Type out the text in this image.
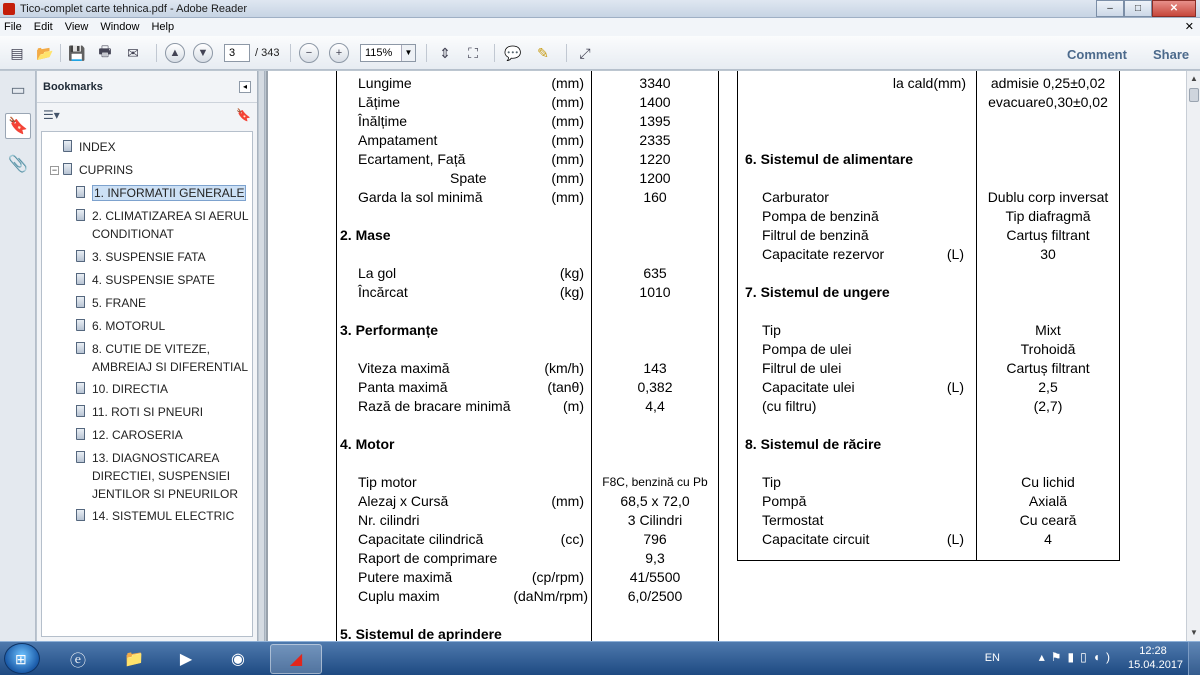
Tico-complet carte tehnica.pdf - Adobe Reader	–	□	✕
File Edit View Window Help	✕
▤ 📂 💾 🖶	✉	▲	▼	3	/ 343	−	+	115%	▼	⇕	⛶	💬	✎	⤢	Comment Share
▭
🔖
📎
Bookmarks	◂
☰▾	🔖
INDEX
− CUPRINS
1. INFORMATII GENERALE
2. CLIMATIZAREA SI AERUL
CONDITIONAT
3. SUSPENSIE FATA
4. SUSPENSIE SPATE
5. FRANE
6. MOTORUL
8. CUTIE DE VITEZE,
AMBREIAJ SI DIFERENTIAL
10. DIRECTIA
11. ROTI SI PNEURI
12. CAROSERIA
13. DIAGNOSTICAREA
DIRECTIEI, SUSPENSIEI
JENTILOR SI PNEURILOR
14. SISTEMUL ELECTRIC
Lungime	(mm)	3340
Lățime	(mm)	1400
Înălțime	(mm)	1395
Ampatament	(mm)	2335
Ecartament, Față	(mm)	1220
Spate	(mm)	1200
Garda la sol minimă	(mm)	160
2. Mase
La gol	(kg)	635
Încărcat	(kg)	1010
3. Performanțe
Viteza maximă	(km/h)	143
Panta maximă	(tanθ)	0,382
Rază de bracare minimă	(m)	4,4
4. Motor
Tip motor	F8C, benzină cu Pb
Alezaj x Cursă	(mm)	68,5 x 72,0
Nr. cilindri	3 Cilindri
Capacitate cilindrică	(cc)	796
Raport de comprimare	9,3
Putere maximă	(cp/rpm)	41/5500
Cuplu maxim	(daNm/rpm)	6,0/2500
5. Sistemul de aprindere
la cald(mm)	admisie 0,25±0,02
evacuare0,30±0,02
6. Sistemul de alimentare
Carburator	Dublu corp inversat
Pompa de benzină	Tip diafragmă
Filtrul de benzină	Cartuș filtrant
Capacitate rezervor	(L)	30
7. Sistemul de ungere
Tip	Mixt
Pompa de ulei	Trohoidă
Filtrul de ulei	Cartuș filtrant
Capacitate ulei	(L)	2,5
(cu filtru)	(2,7)
8. Sistemul de răcire
Tip	Cu lichid
Pompă	Axială
Termostat	Cu ceară
Capacitate circuit	(L)	4
▲
▼
⊞	ⓔ	📁	▶	◉	◢	EN	▴⚑▮▯◖)	12:28
15.04.2017
